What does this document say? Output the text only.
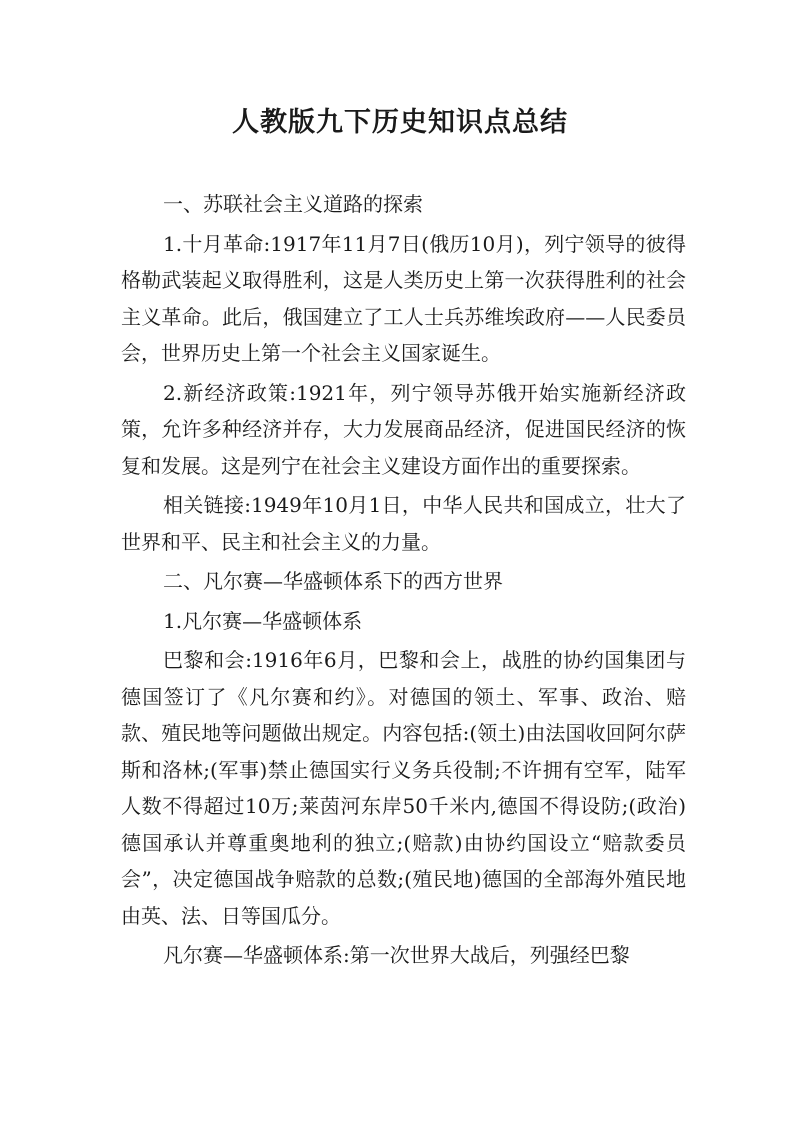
人教版九下历史知识点总结

一、苏联社会主义道路的探索

1.十月革命:1917年11月7日(俄历10月)，列宁领导的彼得格勒武装起义取得胜利，这是人类历史上第一次获得胜利的社会主义革命。此后，俄国建立了工人士兵苏维埃政府——人民委员会，世界历史上第一个社会主义国家诞生。

2.新经济政策:1921年，列宁领导苏俄开始实施新经济政策，允许多种经济并存，大力发展商品经济，促进国民经济的恢复和发展。这是列宁在社会主义建设方面作出的重要探索。

相关链接:1949年10月1日，中华人民共和国成立，壮大了世界和平、民主和社会主义的力量。

二、凡尔赛—华盛顿体系下的西方世界

1.凡尔赛—华盛顿体系

巴黎和会:1916年6月，巴黎和会上，战胜的协约国集团与德国签订了《凡尔赛和约》。对德国的领土、军事、政治、赔款、殖民地等问题做出规定。内容包括:(领土)由法国收回阿尔萨斯和洛林;(军事)禁止德国实行义务兵役制;不许拥有空军，陆军人数不得超过10万;莱茵河东岸50千米内,德国不得设防;(政治)德国承认并尊重奥地利的独立;(赔款)由协约国设立“赔款委员会”，决定德国战争赔款的总数;(殖民地)德国的全部海外殖民地由英、法、日等国瓜分。

凡尔赛—华盛顿体系:第一次世界大战后，列强经巴黎
